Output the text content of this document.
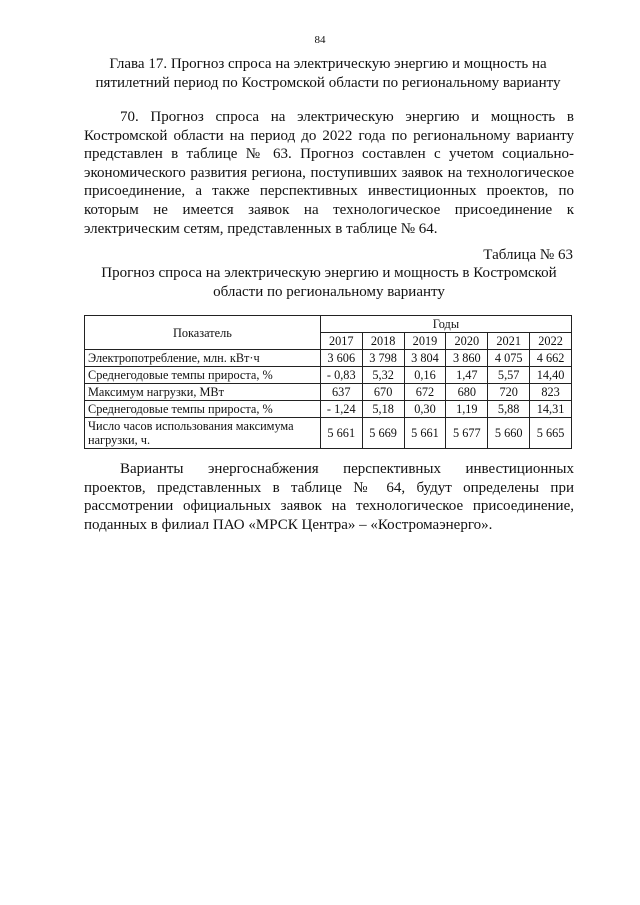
84
Глава 17. Прогноз спроса на электрическую энергию и мощность на пятилетний период по Костромской области по региональному варианту

70. Прогноз спроса на электрическую энергию и мощность в Костромской области на период до 2022 года по региональному варианту представлен в таблице № 63. Прогноз составлен с учетом социально-экономического развития региона, поступивших заявок на технологическое присоединение, а также перспективных инвестиционных проектов, по которым не имеется заявок на технологическое присоединение к электрическим сетям, представленных в таблице № 64.

Таблица № 63
Прогноз спроса на электрическую энергию и мощность в Костромской области по региональному варианту
Показатель	Годы					
	2017	2018	2019	2020	2021	2022
Электропотребление, млн. кВт·ч	3 606	3 798	3 804	3 860	4 075	4 662
Среднегодовые темпы прироста, %	- 0,83	5,32	0,16	1,47	5,57	14,40
Максимум нагрузки, МВт	637	670	672	680	720	823
Среднегодовые темпы прироста, %	- 1,24	5,18	0,30	1,19	5,88	14,31
Число часов использования максимума нагрузки, ч.	5 661	5 669	5 661	5 677	5 660	5 665

Варианты энергоснабжения перспективных инвестиционных проектов, представленных в таблице № 64, будут определены при рассмотрении официальных заявок на технологическое присоединение, поданных в филиал ПАО «МРСК Центра» – «Костромаэнерго».
